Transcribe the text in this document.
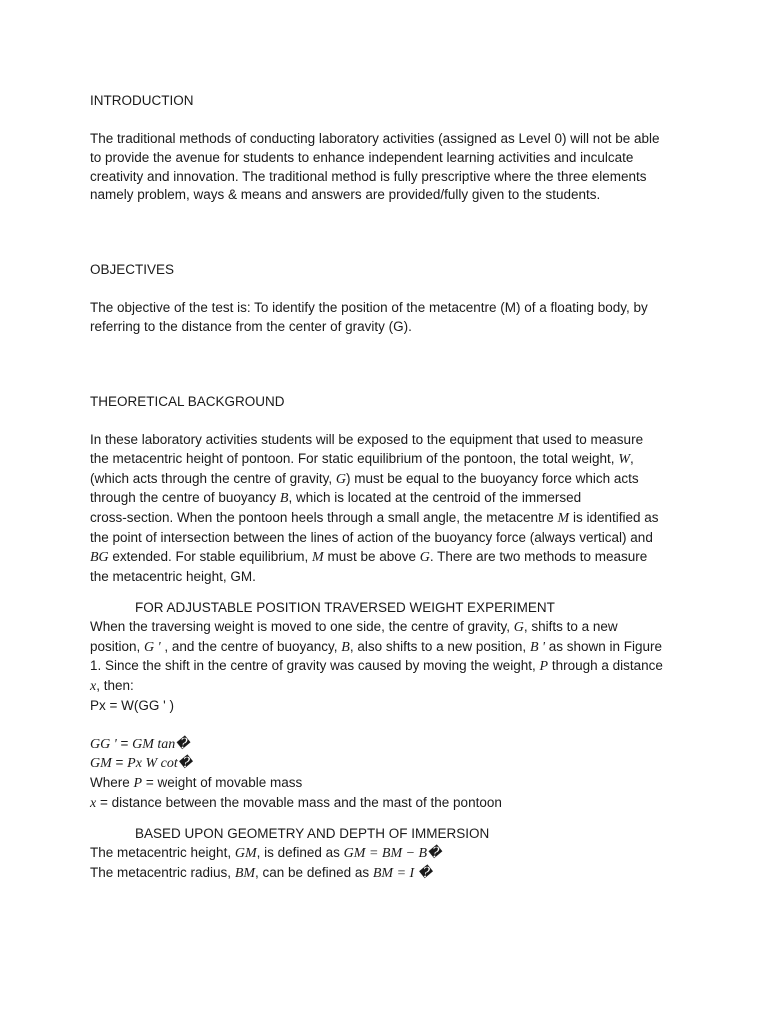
INTRODUCTION

The traditional methods of conducting laboratory activities (assigned as Level 0) will not be able
to provide the avenue for students to enhance independent learning activities and inculcate
creativity and innovation. The traditional method is fully prescriptive where the three elements
namely problem, ways & means and answers are provided/fully given to the students.

OBJECTIVES

The objective of the test is: To identify the position of the metacentre (M) of a floating body, by
referring to the distance from the center of gravity (G).

THEORETICAL BACKGROUND

In these laboratory activities students will be exposed to the equipment that used to measure
the metacentric height of pontoon. For static equilibrium of the pontoon, the total weight, W,
(which acts through the centre of gravity, G) must be equal to the buoyancy force which acts
through the centre of buoyancy B, which is located at the centroid of the immersed
cross-section. When the pontoon heels through a small angle, the metacentre M is identified as
the point of intersection between the lines of action of the buoyancy force (always vertical) and
BG extended. For stable equilibrium, M must be above G. There are two methods to measure
the metacentric height, GM.
FOR ADJUSTABLE POSITION TRAVERSED WEIGHT EXPERIMENT
When the traversing weight is moved to one side, the centre of gravity, G, shifts to a new
position, G ' , and the centre of buoyancy, B, also shifts to a new position, B ' as shown in Figure
1. Since the shift in the centre of gravity was caused by moving the weight, P through a distance
x, then:
Px = W(GG ' )
GG ' = GM tan�
GM = Px W cot�
Where P = weight of movable mass
x = distance between the movable mass and the mast of the pontoon
BASED UPON GEOMETRY AND DEPTH OF IMMERSION
The metacentric height, GM, is defined as GM = BM − B�
The metacentric radius, BM, can be defined as BM = I �
